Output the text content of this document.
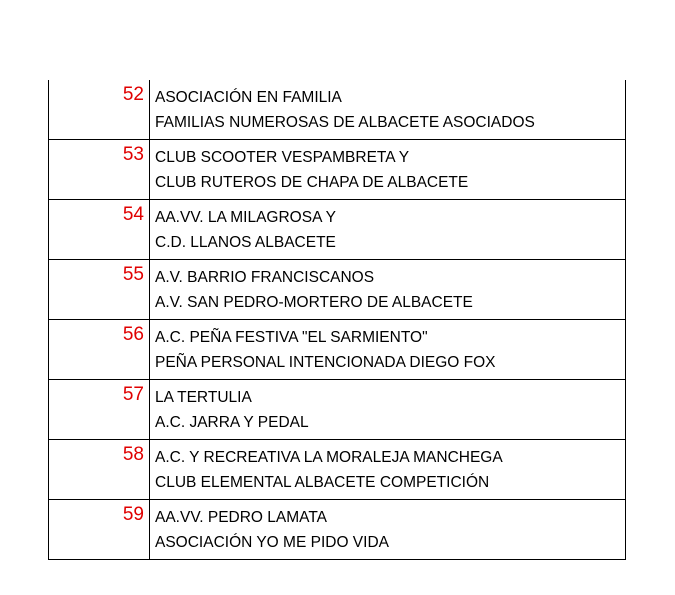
52	ASOCIACIÓN EN FAMILIA
FAMILIAS NUMEROSAS DE ALBACETE ASOCIADOS

53	CLUB SCOOTER VESPAMBRETA Y
CLUB RUTEROS DE CHAPA DE ALBACETE

54	AA.VV. LA MILAGROSA Y
C.D. LLANOS ALBACETE

55	A.V. BARRIO FRANCISCANOS
A.V. SAN PEDRO-MORTERO DE ALBACETE

56	A.C. PEÑA FESTIVA "EL SARMIENTO"
PEÑA PERSONAL INTENCIONADA DIEGO FOX

57	LA TERTULIA
A.C. JARRA Y PEDAL

58	A.C. Y RECREATIVA LA MORALEJA MANCHEGA
CLUB ELEMENTAL ALBACETE COMPETICIÓN

59	AA.VV. PEDRO LAMATA
ASOCIACIÓN YO ME PIDO VIDA
